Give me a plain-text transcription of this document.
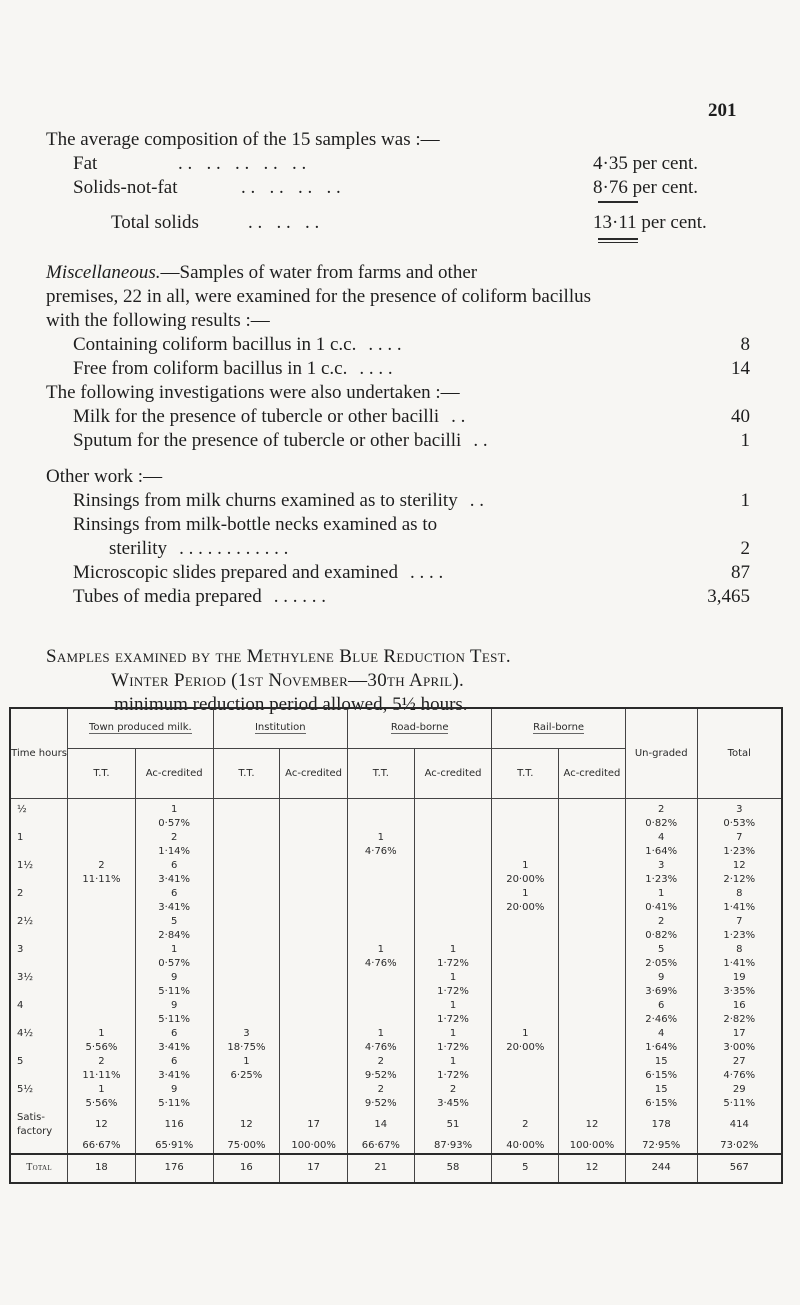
201
The average composition of the 15 samples was :—
Fat	. .   . .   . .   . .   . .	4·35 per cent.
Solids-not-fat	. .   . .   . .   . .	8·76 per cent.
Total solids	. .   . .   . .	13·11 per cent.
Miscellaneous.—Samples of water from farms and other
premises, 22 in all, were examined for the presence of coliform bacillus
with the following results :—
Containing coliform bacillus in 1 c.c. . . . .	8
Free from coliform bacillus in 1 c.c. . . . .	14
The following investigations were also undertaken :—
Milk for the presence of tubercle or other bacilli . .	40
Sputum for the presence of tubercle or other bacilli . .	1
Other work :—
Rinsings from milk churns examined as to sterility . .	1
Rinsings from milk-bottle necks examined as to
sterility . . . . . . . . . . . .	2
Microscopic slides prepared and examined . . . .	87
Tubes of media prepared . . . . . .	3,465
Samples examined by the Methylene Blue Reduction Test.
Winter Period (1st November—30th April).
minimum reduction period allowed, 5½ hours.
Time hours	Town produced milk.		Institution		Road-borne		Rail-borne		Un-graded	Total
	T.T.	Ac-credited	T.T.	Ac-credited	T.T.	Ac-credited	T.T.	Ac-credited		

½		1							2	3
		0·57%							0·82%	0·53%
1		2			1				4	7
		1·14%			4·76%				1·64%	1·23%
1½	2	6					1		3	12
	11·11%	3·41%					20·00%		1·23%	2·12%
2		6					1		1	8
		3·41%					20·00%		0·41%	1·41%
2½		5							2	7
		2·84%							0·82%	1·23%
3		1			1	1			5	8
		0·57%			4·76%	1·72%			2·05%	1·41%
3½		9				1			9	19
		5·11%				1·72%			3·69%	3·35%
4		9				1			6	16
		5·11%				1·72%			2·46%	2·82%
4½	1	6	3		1	1	1		4	17
	5·56%	3·41%	18·75%		4·76%	1·72%	20·00%		1·64%	3·00%
5	2	6	1		2	1			15	27
	11·11%	3·41%	6·25%		9·52%	1·72%			6·15%	4·76%
5½	1	9			2	2			15	29
	5·56%	5·11%			9·52%	3·45%			6·15%	5·11%
Satis-factory	12	116	12	17	14	51	2	12	178	414
	66·67%	65·91%	75·00%	100·00%	66·67%	87·93%	40·00%	100·00%	72·95%	73·02%
Total	18	176	16	17	21	58	5	12	244	567
